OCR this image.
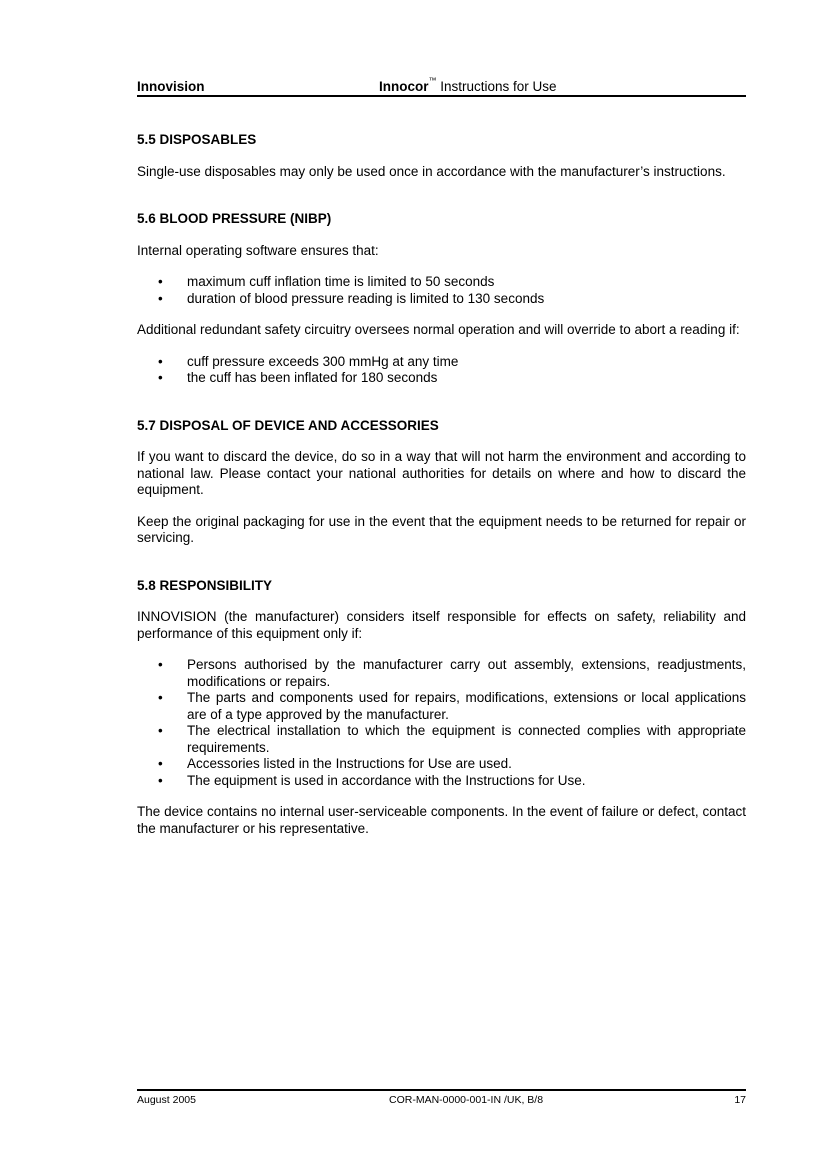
Innovision	Innocor™ Instructions for Use
5.5 DISPOSABLES

Single-use disposables may only be used once in accordance with the manufacturer’s instructions.

5.6 BLOOD PRESSURE (NIBP)

Internal operating software ensures that:

• maximum cuff inflation time is limited to 50 seconds
• duration of blood pressure reading is limited to 130 seconds

Additional redundant safety circuitry oversees normal operation and will override to abort a reading if:

• cuff pressure exceeds 300 mmHg at any time
• the cuff has been inflated for 180 seconds
5.7 DISPOSAL OF DEVICE AND ACCESSORIES

If you want to discard the device, do so in a way that will not harm the environment and according to national law. Please contact your national authorities for details on where and how to discard the equipment.

Keep the original packaging for use in the event that the equipment needs to be returned for repair or servicing.

5.8 RESPONSIBILITY

INNOVISION (the manufacturer) considers itself responsible for effects on safety, reliability and performance of this equipment only if:

• Persons authorised by the manufacturer carry out assembly, extensions, readjustments, modifications or repairs.
• The parts and components used for repairs, modifications, extensions or local applications are of a type approved by the manufacturer.
• The electrical installation to which the equipment is connected complies with appropriate requirements.
• Accessories listed in the Instructions for Use are used.
• The equipment is used in accordance with the Instructions for Use.

The device contains no internal user-serviceable components. In the event of failure or defect, contact the manufacturer or his representative.

August 2005	COR-MAN-0000-001-IN /UK, B/8	17
